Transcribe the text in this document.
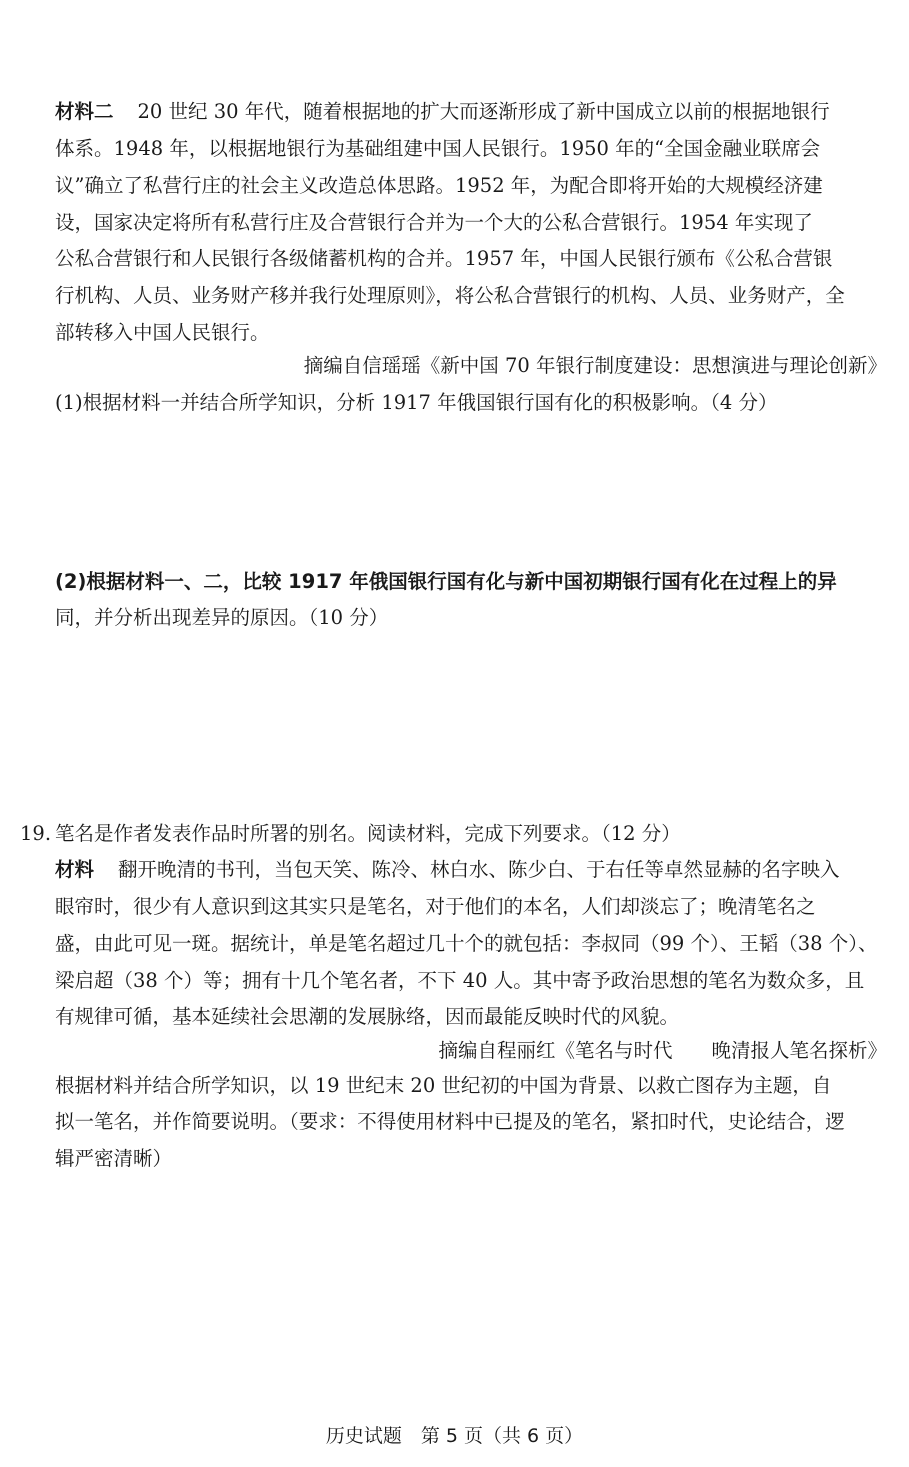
材料二 20 世纪 30 年代，随着根据地的扩大而逐渐形成了新中国成立以前的根据地银行
体系。1948 年，以根据地银行为基础组建中国人民银行。1950 年的“全国金融业联席会
议”确立了私营行庄的社会主义改造总体思路。1952 年，为配合即将开始的大规模经济建
设，国家决定将所有私营行庄及合营银行合并为一个大的公私合营银行。1954 年实现了
公私合营银行和人民银行各级储蓄机构的合并。1957 年，中国人民银行颁布《公私合营银
行机构、人员、业务财产移并我行处理原则》，将公私合营银行的机构、人员、业务财产，全
部转移入中国人民银行。
摘编自信瑶瑶《新中国 70 年银行制度建设：思想演进与理论创新》
(1)根据材料一并结合所学知识，分析 1917 年俄国银行国有化的积极影响。（4 分）
(2)根据材料一、二，比较 1917 年俄国银行国有化与新中国初期银行国有化在过程上的异
同，并分析出现差异的原因。（10 分）
19. 笔名是作者发表作品时所署的别名。阅读材料，完成下列要求。（12 分）
材料 翻开晚清的书刊，当包天笑、陈冷、林白水、陈少白、于右任等卓然显赫的名字映入
眼帘时，很少有人意识到这其实只是笔名，对于他们的本名，人们却淡忘了；晚清笔名之
盛，由此可见一斑。据统计，单是笔名超过几十个的就包括：李叔同（99 个）、王韬（38 个）、
梁启超（38 个）等；拥有十几个笔名者，不下 40 人。其中寄予政治思想的笔名为数众多，且
有规律可循，基本延续社会思潮的发展脉络，因而最能反映时代的风貌。
摘编自程丽红《笔名与时代　　晚清报人笔名探析》
根据材料并结合所学知识，以 19 世纪末 20 世纪初的中国为背景、以救亡图存为主题，自
拟一笔名，并作简要说明。（要求：不得使用材料中已提及的笔名，紧扣时代，史论结合，逻
辑严密清晰）
历史试题　第 5 页（共 6 页）
